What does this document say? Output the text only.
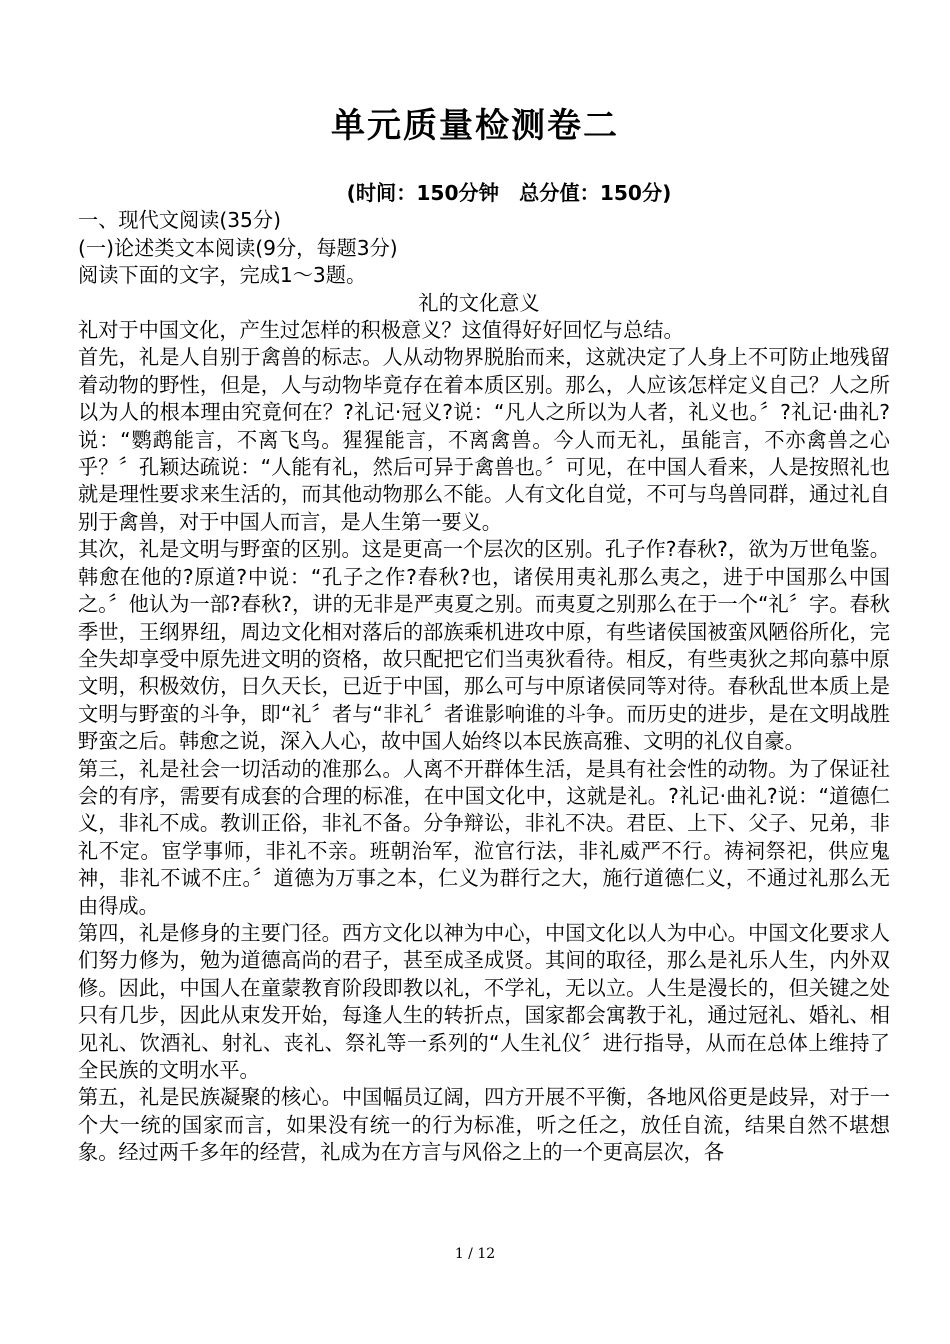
单元质量检测卷二

(时间：150分钟　总分值：150分)

一、现代文阅读(35分)

(一)论述类文本阅读(9分，每题3分)

阅读下面的文字，完成1～3题。

礼的文化意义

礼对于中国文化，产生过怎样的积极意义？这值得好好回忆与总结。

首先，礼是人自别于禽兽的标志。人从动物界脱胎而来，这就决定了人身上不可防止地残留着动物的野性，但是，人与动物毕竟存在着本质区别。那么，人应该怎样定义自己？人之所以为人的根本理由究竟何在？?礼记·冠义?说：“凡人之所以为人者，礼义也。〞?礼记·曲礼?说：“鹦鹉能言，不离飞鸟。猩猩能言，不离禽兽。今人而无礼，虽能言，不亦禽兽之心乎？〞孔颖达疏说：“人能有礼，然后可异于禽兽也。〞可见，在中国人看来，人是按照礼也就是理性要求来生活的，而其他动物那么不能。人有文化自觉，不可与鸟兽同群，通过礼自别于禽兽，对于中国人而言，是人生第一要义。

其次，礼是文明与野蛮的区别。这是更高一个层次的区别。孔子作?春秋?，欲为万世龟鉴。韩愈在他的?原道?中说：“孔子之作?春秋?也，诸侯用夷礼那么夷之，进于中国那么中国之。〞他认为一部?春秋?，讲的无非是严夷夏之别。而夷夏之别那么在于一个“礼〞字。春秋季世，王纲界纽，周边文化相对落后的部族乘机进攻中原，有些诸侯国被蛮风陋俗所化，完全失却享受中原先进文明的资格，故只配把它们当夷狄看待。相反，有些夷狄之邦向慕中原文明，积极效仿，日久天长，已近于中国，那么可与中原诸侯同等对待。春秋乱世本质上是文明与野蛮的斗争，即“礼〞者与“非礼〞者谁影响谁的斗争。而历史的进步，是在文明战胜野蛮之后。韩愈之说，深入人心，故中国人始终以本民族高雅、文明的礼仪自豪。

第三，礼是社会一切活动的准那么。人离不开群体生活，是具有社会性的动物。为了保证社会的有序，需要有成套的合理的标准，在中国文化中，这就是礼。?礼记·曲礼?说：“道德仁义，非礼不成。教训正俗，非礼不备。分争辩讼，非礼不决。君臣、上下、父子、兄弟，非礼不定。宦学事师，非礼不亲。班朝治军，涖官行法，非礼威严不行。祷祠祭祀，供应鬼神，非礼不诚不庄。〞道德为万事之本，仁义为群行之大，施行道德仁义，不通过礼那么无由得成。

第四，礼是修身的主要门径。西方文化以神为中心，中国文化以人为中心。中国文化要求人们努力修为，勉为道德高尚的君子，甚至成圣成贤。其间的取径，那么是礼乐人生，内外双修。因此，中国人在童蒙教育阶段即教以礼，不学礼，无以立。人生是漫长的，但关键之处只有几步，因此从束发开始，每逢人生的转折点，国家都会寓教于礼，通过冠礼、婚礼、相见礼、饮酒礼、射礼、丧礼、祭礼等一系列的“人生礼仪〞进行指导，从而在总体上维持了全民族的文明水平。

第五，礼是民族凝聚的核心。中国幅员辽阔，四方开展不平衡，各地风俗更是歧异，对于一个大一统的国家而言，如果没有统一的行为标准，听之任之，放任自流，结果自然不堪想象。经过两千多年的经营，礼成为在方言与风俗之上的一个更高层次，各

1 / 12
